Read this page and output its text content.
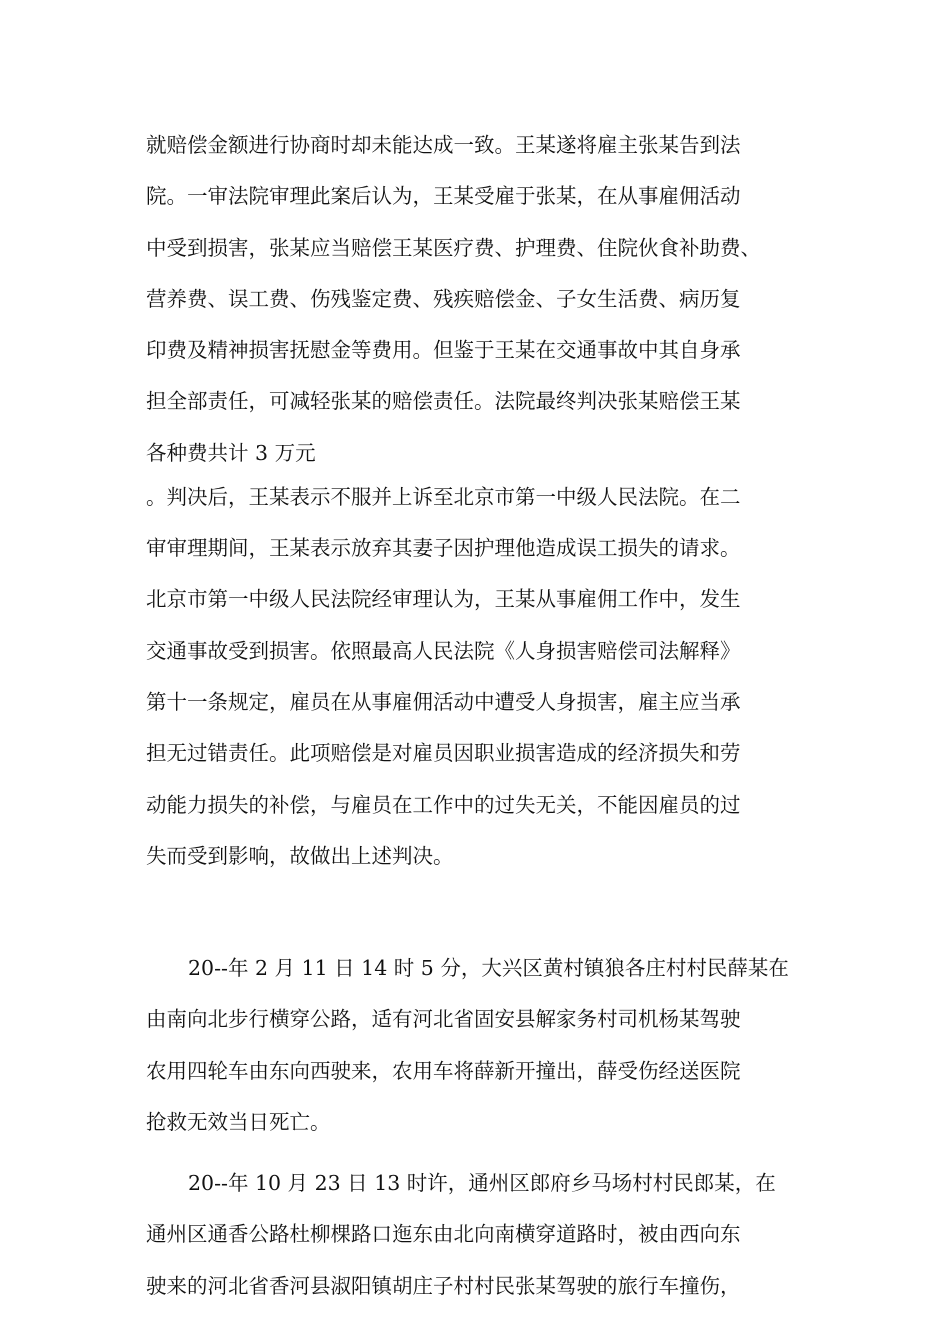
就赔偿金额进行协商时却未能达成一致。王某遂将雇主张某告到法
院。一审法院审理此案后认为，王某受雇于张某，在从事雇佣活动
中受到损害，张某应当赔偿王某医疗费、护理费、住院伙食补助费、
营养费、误工费、伤残鉴定费、残疾赔偿金、子女生活费、病历复
印费及精神损害抚慰金等费用。但鉴于王某在交通事故中其自身承
担全部责任，可减轻张某的赔偿责任。法院最终判决张某赔偿王某
各种费共计 3 万元
。判决后，王某表示不服并上诉至北京市第一中级人民法院。在二
审审理期间，王某表示放弃其妻子因护理他造成误工损失的请求。
北京市第一中级人民法院经审理认为，王某从事雇佣工作中，发生
交通事故受到损害。依照最高人民法院《人身损害赔偿司法解释》
第十一条规定，雇员在从事雇佣活动中遭受人身损害，雇主应当承
担无过错责任。此项赔偿是对雇员因职业损害造成的经济损失和劳
动能力损失的补偿，与雇员在工作中的过失无关，不能因雇员的过
失而受到影响，故做出上述判决。
20--年 2 月 11 日 14 时 5 分，大兴区黄村镇狼各庄村村民薛某在
由南向北步行横穿公路，适有河北省固安县解家务村司机杨某驾驶
农用四轮车由东向西驶来，农用车将薛新开撞出，薛受伤经送医院
抢救无效当日死亡。
20--年 10 月 23 日 13 时许，通州区郎府乡马场村村民郎某，在
通州区通香公路杜柳棵路口迤东由北向南横穿道路时，被由西向东
驶来的河北省香河县淑阳镇胡庄子村村民张某驾驶的旅行车撞伤，
